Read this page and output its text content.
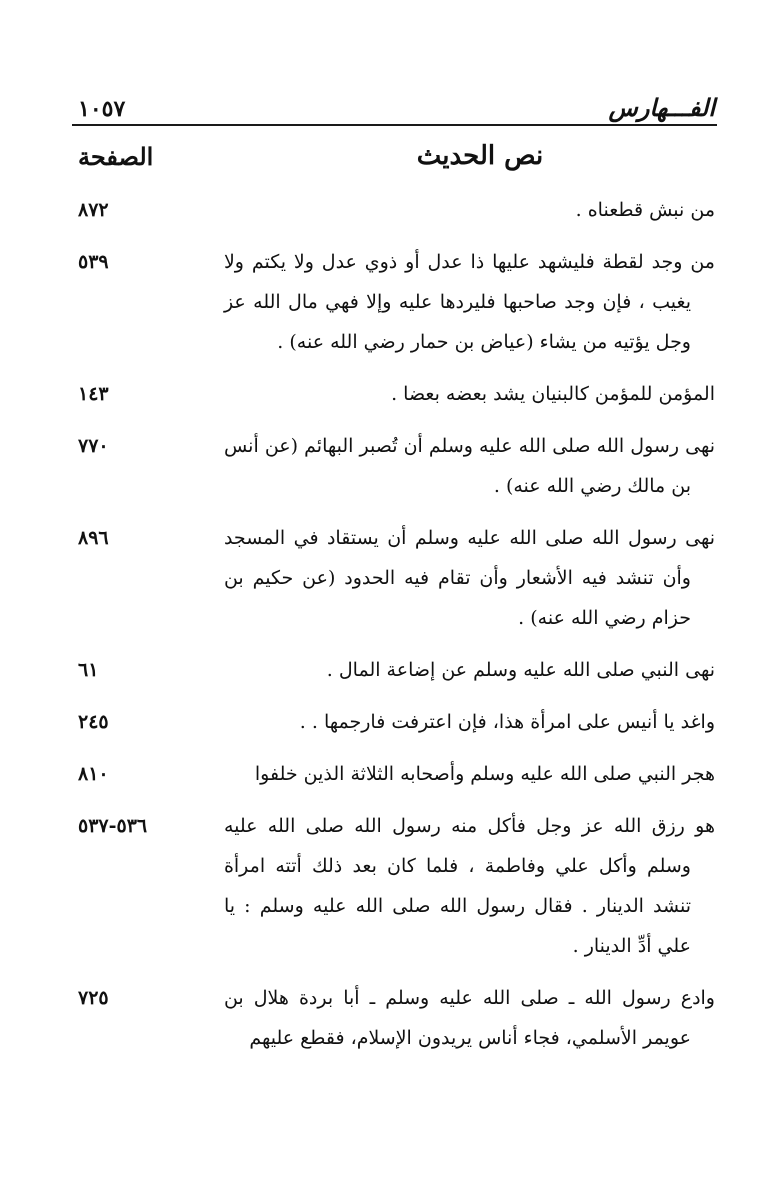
الفـــهارس
١٠٥٧
نص الحديث
الصفحة

من نبش قطعناه .

٨٧٢

من وجد لقطة فليشهد عليها ذا عدل أو ذوي عدل ولا يكتم ولا يغيب ، فإن وجد صاحبها فليردها عليه وإلا فهي مال الله عز وجل يؤتيه من يشاء (عياض بن حمار رضي الله عنه) .

٥٣٩

المؤمن للمؤمن كالبنيان يشد بعضه بعضا .

١٤٣

نهى رسول الله صلى الله عليه وسلم أن تُصبر البهائم (عن أنس بن مالك رضي الله عنه) .

٧٧٠

نهى رسول الله صلى الله عليه وسلم أن يستقاد في المسجد وأن تنشد فيه الأشعار وأن تقام فيه الحدود (عن حكيم بن حزام رضي الله عنه) .

٨٩٦

نهى النبي صلى الله عليه وسلم عن إضاعة المال .

٦١

واغد يا أنيس على امرأة هذا، فإن اعترفت فارجمها . .

٢٤٥

هجر النبي صلى الله عليه وسلم وأصحابه الثلاثة الذين خلفوا

٨١٠

هو رزق الله عز وجل فأكل منه رسول الله صلى الله عليه وسلم وأكل علي وفاطمة ، فلما كان بعد ذلك أتته امرأة تنشد الدينار . فقال رسول الله صلى الله عليه وسلم : يا علي أدِّ الدينار .

٥٣٦-٥٣٧

وادع رسول الله ـ صلى الله عليه وسلم ـ أبا بردة هلال بن عويمر الأسلمي، فجاء أناس يريدون الإسلام، فقطع عليهم

٧٢٥
